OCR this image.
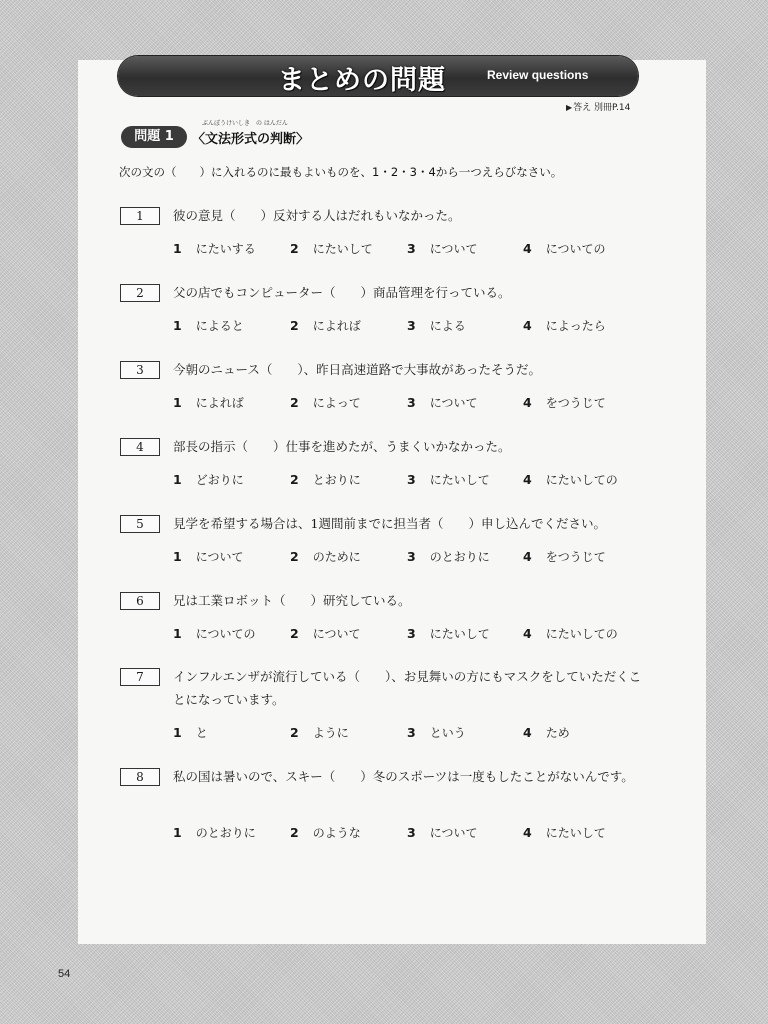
まとめの問題	Review questions
▶答え 別冊P.14
問題 1
ぶんぽうけいしき　の はんだん
〈文法形式の判断〉
次の文の（　　）に入れるのに最もよいものを、1・2・3・4から一つえらびなさい。
1	彼の意見（　　）反対する人はだれもいなかった。
1 にたいする	2 にたいして	3 について	4 についての
2	父の店でもコンピューター（　　）商品管理を行っている。
1 によると	2 によれば	3 による	4 によったら
3	今朝のニュース（　　）、昨日高速道路で大事故があったそうだ。
1 によれば	2 によって	3 について	4 をつうじて
4	部長の指示（　　）仕事を進めたが、うまくいかなかった。
1 どおりに	2 とおりに	3 にたいして	4 にたいしての
5	見学を希望する場合は、1週間前までに担当者（　　）申し込んでください。
1 について	2 のために	3 のとおりに	4 をつうじて
6	兄は工業ロボット（　　）研究している。
1 についての	2 について	3 にたいして	4 にたいしての
7	インフルエンザが流行している（　　）、お見舞いの方にもマスクをしていただくことになっています。
1 と	2 ように	3 という	4 ため
8	私の国は暑いので、スキー（　　）冬のスポーツは一度もしたことがないんです。
1 のとおりに	2 のような	3 について	4 にたいして
54
